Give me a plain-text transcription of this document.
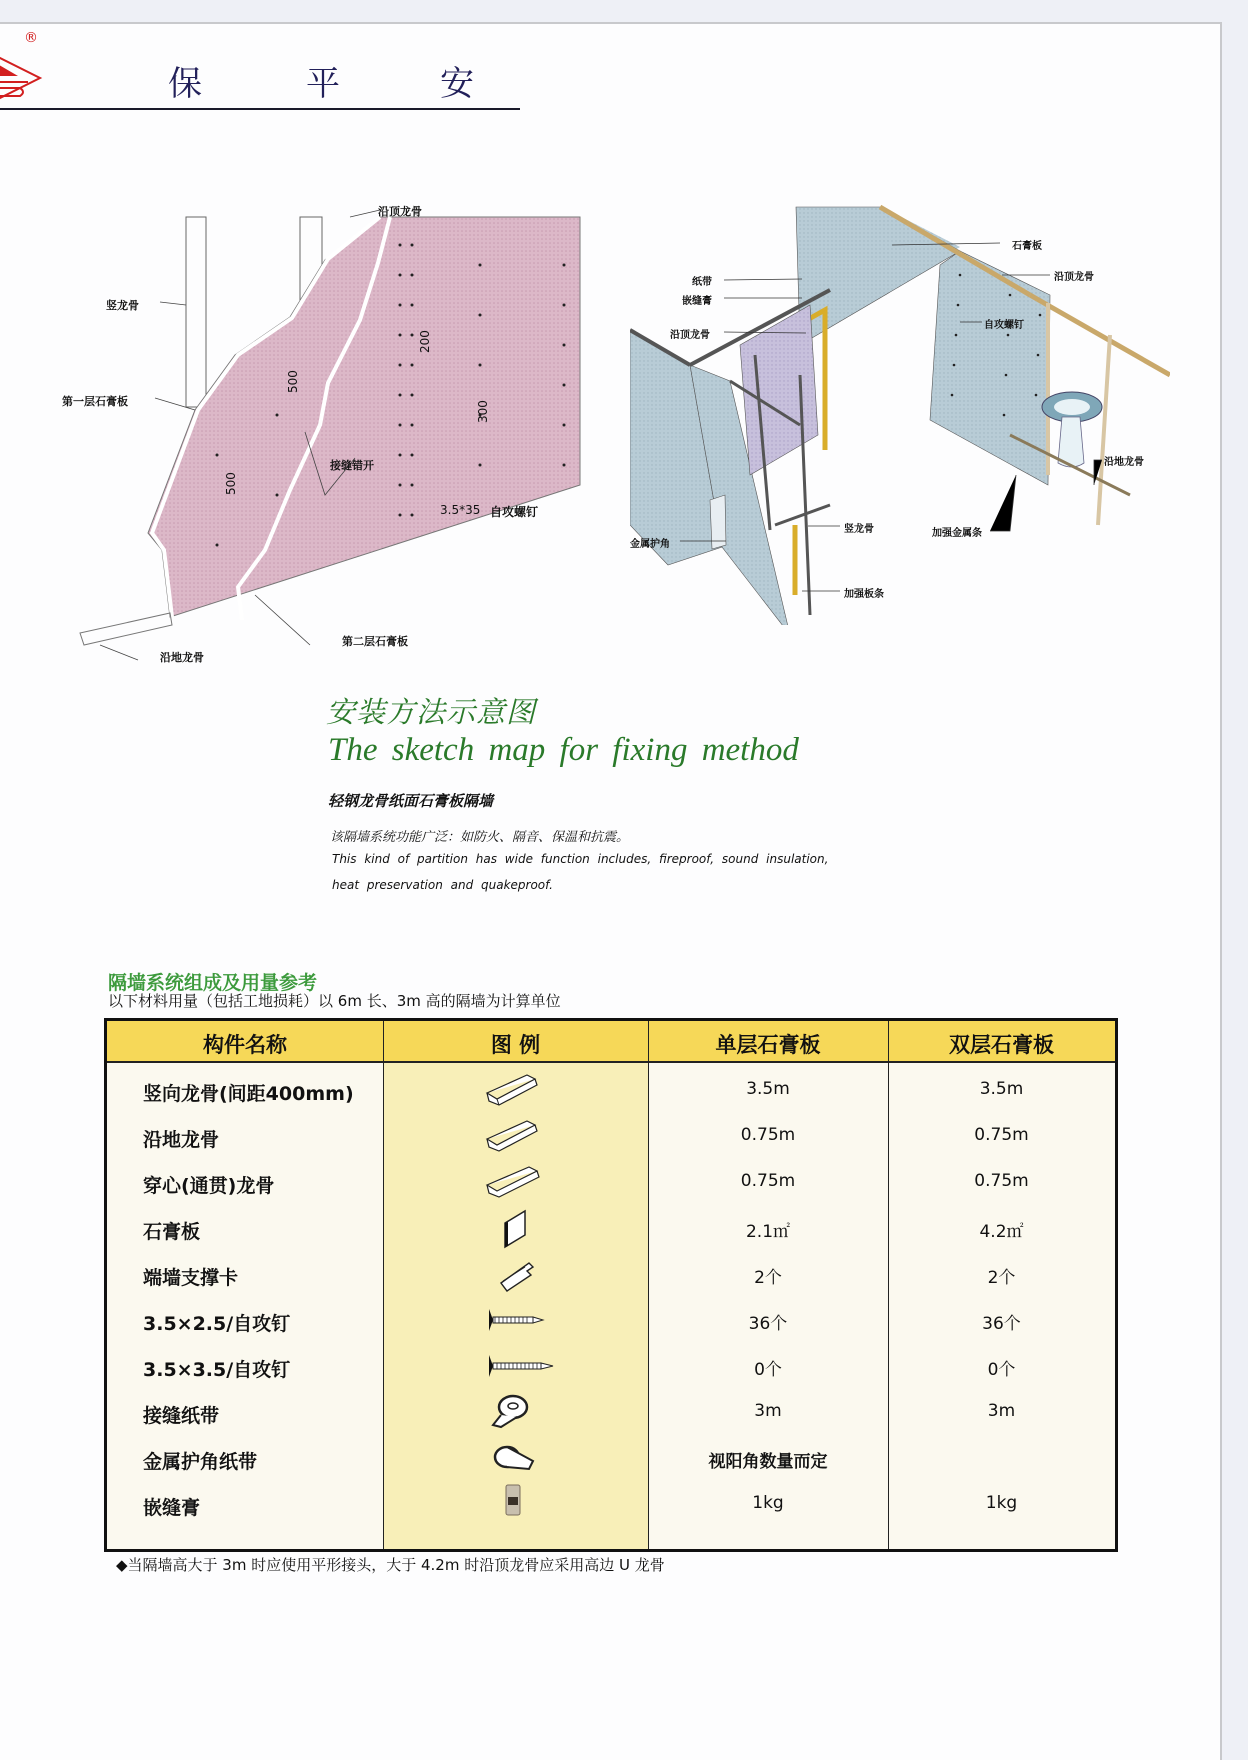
®
保	平	安
沿顶龙骨
竖龙骨
第一层石膏板
接缝错开
3.5*35 自攻螺钉
第二层石膏板
沿地龙骨
200
500
300
500
石膏板
沿顶龙骨
纸带
嵌缝膏
沿顶龙骨
自攻螺钉
沿地龙骨
加强金属条
竖龙骨
金属护角
加强板条
安装方法示意图
The sketch map for fixing method
轻钢龙骨纸面石膏板隔墙
该隔墙系统功能广泛：如防火、隔音、保温和抗震。
This kind of partition has wide function includes, fireproof, sound insulation,
heat preservation and quakeproof.
隔墙系统组成及用量参考
以下材料用量（包括工地损耗）以 6m 长、3m 高的隔墙为计算单位
构件名称	图 例	单层石膏板	双层石膏板
竖向龙骨(间距400mm)	3.5m	3.5m
沿地龙骨	0.75m	0.75m
穿心(通贯)龙骨	0.75m	0.75m
石膏板	2.1㎡	4.2㎡
端墙支撑卡	2个	2个
3.5×2.5/自攻钉	36个	36个
3.5×3.5/自攻钉	0个	0个
接缝纸带	3m	3m
金属护角纸带	视阳角数量而定
嵌缝膏	1kg	1kg
◆当隔墙高大于 3m 时应使用平形接头，大于 4.2m 时沿顶龙骨应采用高边 U 龙骨
